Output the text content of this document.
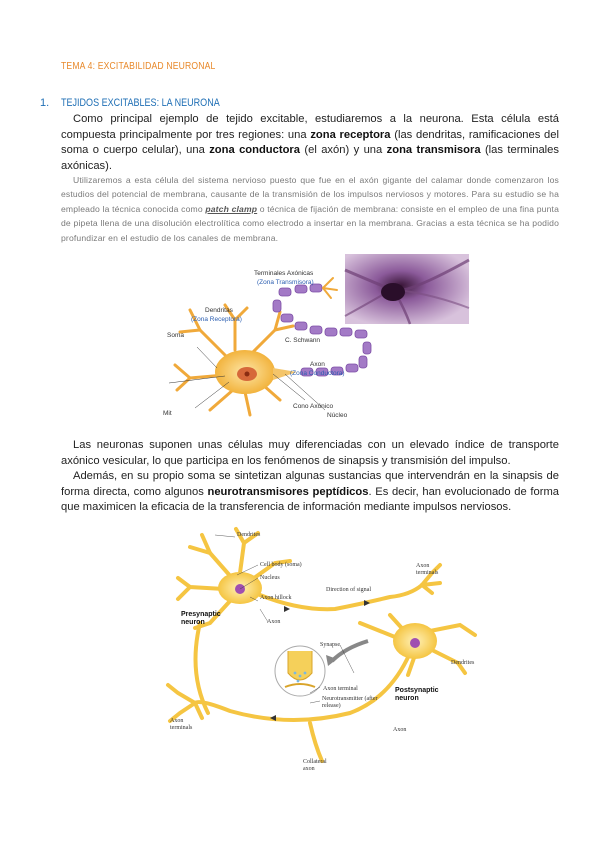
TEMA 4: EXCITABILIDAD NEURONAL
1. TEJIDOS EXCITABLES: LA NEURONA
Como principal ejemplo de tejido excitable, estudiaremos a la neurona. Esta célula está compuesta principalmente por tres regiones: una zona receptora (las dendritas, ramificaciones del soma o cuerpo celular), una zona conductora (el axón) y una zona transmisora (las terminales axónicas).
Utilizaremos a esta célula del sistema nervioso puesto que fue en el axón gigante del calamar donde comenzaron los estudios del potencial de membrana, causante de la transmisión de los impulsos nerviosos y motores. Para su estudio se ha empleado la técnica conocida como patch clamp o técnica de fijación de membrana: consiste en el empleo de una fina punta de pipeta llena de una disolución electrolítica como electrodo a insertar en la membrana. Gracias a esta técnica se ha podido profundizar en el estudio de los canales de membrana.
Terminales Axónicas
(Zona Transmisora)
Dendritas
(Zona Receptora)
Soma
C. Schwann
Axon
(Zona Conductora)
Cono Axónico
Núcleo
Mit
Las neuronas suponen unas células muy diferenciadas con un elevado índice de transporte axónico vesicular, lo que participa en los fenómenos de sinapsis y transmisión del impulso.
Además, en su propio soma se sintetizan algunas sustancias que intervendrán en la sinapsis de forma directa, como algunos neurotransmisores peptídicos. Es decir, han evolucionado de forma que maximicen la eficacia de la transferencia de información mediante impulsos nerviosos.
Dendrites
Cell body (soma)
Nucleus
Axon hillock
Direction of signal
Axon terminals
Presynaptic neuron	Axon
Synapse
Dendrites
Axon terminal
Neurotransmitter (after release)
Postsynaptic neuron
Axon terminals	Axon
Collateral axon
